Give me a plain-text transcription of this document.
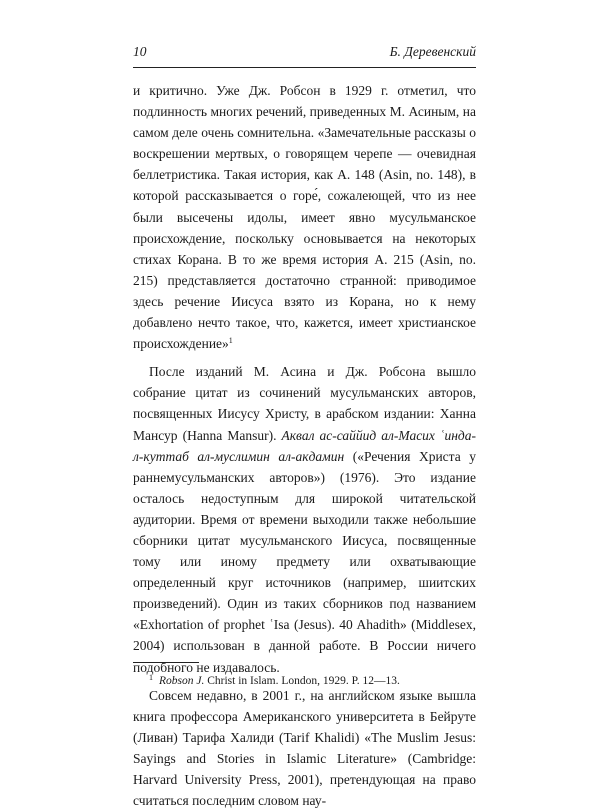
10	Б. Деревенский

и критично. Уже Дж. Робсон в 1929 г. отметил, что подлинность многих речений, приведенных М. Асиным, на самом деле очень сомнительна. «Замечательные рассказы о воскрешении мертвых, о говорящем черепе — очевидная беллетристика. Такая история, как А. 148 (Asin, no. 148), в которой рассказывается о горе́, сожалеющей, что из нее были высечены идолы, имеет явно мусульманское происхождение, поскольку основывается на некоторых стихах Корана. В то же время история А. 215 (Asin, no. 215) представляется достаточно странной: приводимое здесь речение Иисуса взято из Корана, но к нему добавлено нечто такое, что, кажется, имеет христианское происхождение»$^1$

После изданий М. Асина и Дж. Робсона вышло собрание цитат из сочинений мусульманских авторов, посвященных Иисусу Христу, в арабском издании: Ханна Мансур (Hanna Mansur). Аквал ас-саййид ал-Масих ʿинда-л-куттаб ал-муслимин ал-акдамин («Речения Христа у раннемусульманских авторов») (1976). Это издание осталось недоступным для широкой читательской аудитории. Время от времени выходили также небольшие сборники цитат мусульманского Иисуса, посвященные тому или иному предмету или охватывающие определенный круг источников (например, шиитских произведений). Один из таких сборников под названием «Exhortation of prophet ʿIsa (Jesus). 40 Ahadith» (Middlesex, 2004) использован в данной работе. В России ничего подобного не издавалось.

Совсем недавно, в 2001 г., на английском языке вышла книга профессора Американского университета в Бейруте (Ливан) Тарифа Халиди (Tarif Khalidi) «The Muslim Jesus: Sayings and Stories in Islamic Literature» (Cambridge: Harvard University Press, 2001), претендующая на право считаться последним словом нау-

$^1$ Robson J. Christ in Islam. London, 1929. P. 12—13.
